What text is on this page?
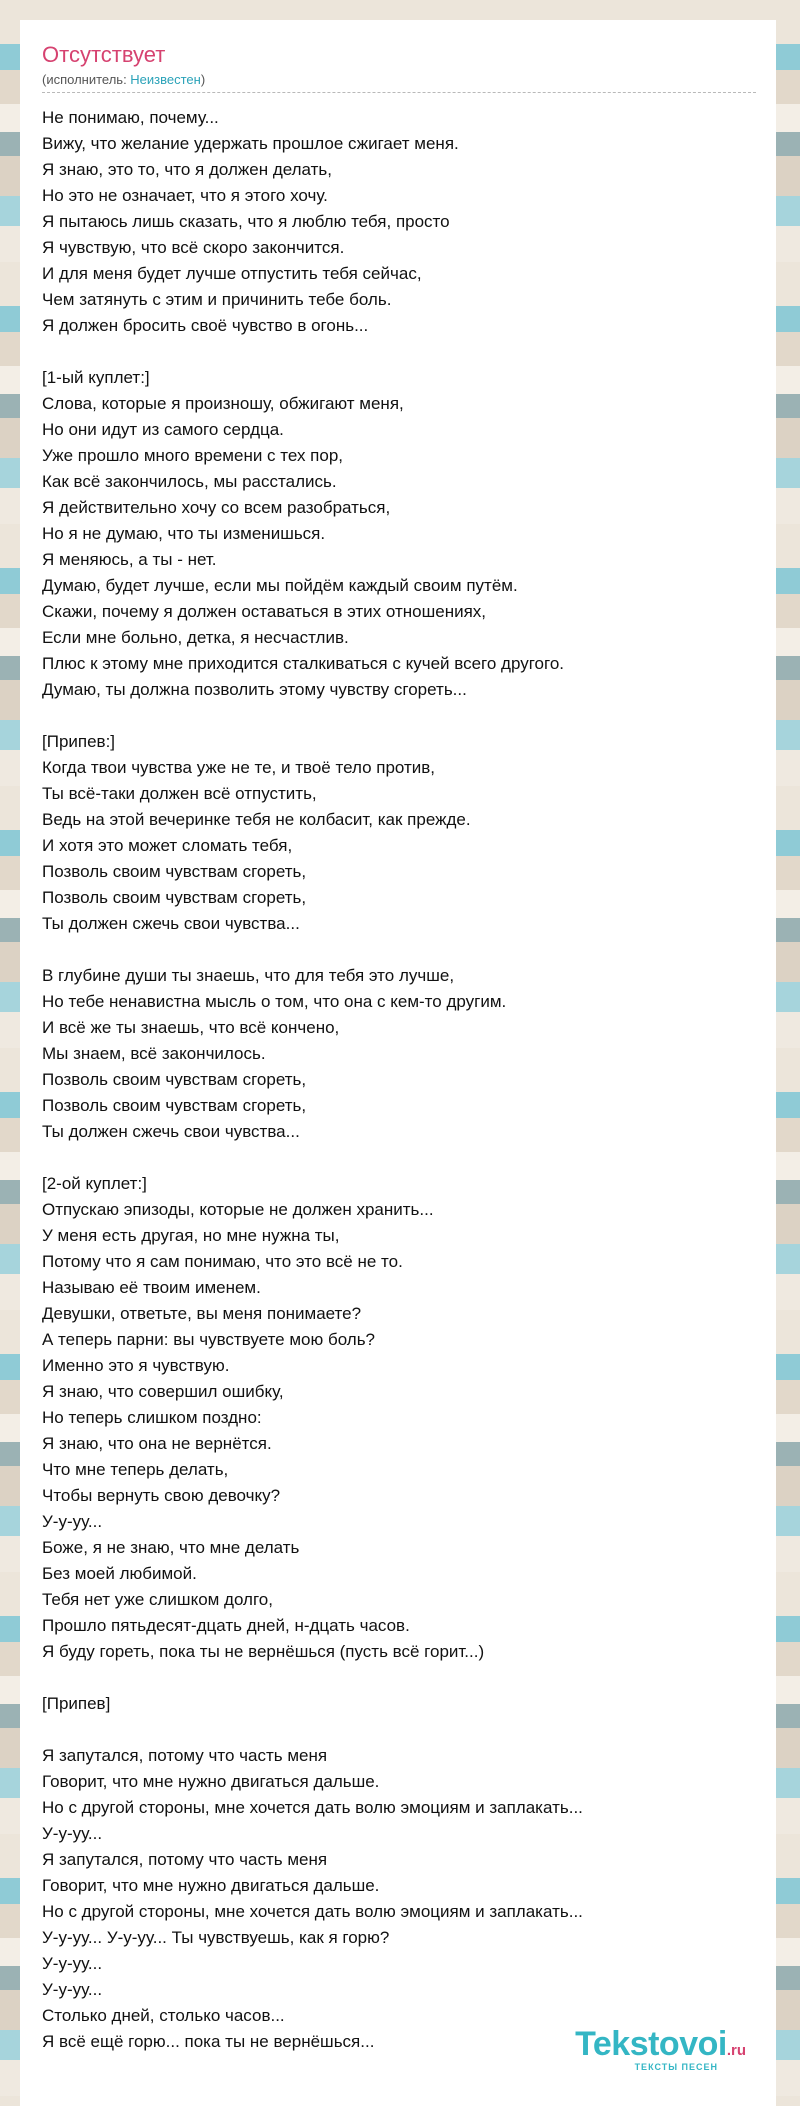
Отсутствует
(исполнитель: Неизвестен)
Не понимаю, почему...
Вижу, что желание удержать прошлое сжигает меня.
Я знаю, это то, что я должен делать,
Но это не означает, что я этого хочу.
Я пытаюсь лишь сказать, что я люблю тебя, просто
Я чувствую, что всё скоро закончится.
И для меня будет лучше отпустить тебя сейчас,
Чем затянуть с этим и причинить тебе боль.
Я должен бросить своё чувство в огонь...
[1-ый куплет:]
Слова, которые я произношу, обжигают меня,
Но они идут из самого сердца.
Уже прошло много времени с тех пор,
Как всё закончилось, мы расстались.
Я действительно хочу со всем разобраться,
Но я не думаю, что ты изменишься.
Я меняюсь, а ты - нет.
Думаю, будет лучше, если мы пойдём каждый своим путём.
Скажи, почему я должен оставаться в этих отношениях,
Если мне больно, детка, я несчастлив.
Плюс к этому мне приходится сталкиваться с кучей всего другого.
Думаю, ты должна позволить этому чувству сгореть...
[Припев:]
Когда твои чувства уже не те, и твоё тело против,
Ты всё-таки должен всё отпустить,
Ведь на этой вечеринке тебя не колбасит, как прежде.
И хотя это может сломать тебя,
Позволь своим чувствам сгореть,
Позволь своим чувствам сгореть,
Ты должен сжечь свои чувства...
В глубине души ты знаешь, что для тебя это лучше,
Но тебе ненавистна мысль о том, что она с кем-то другим.
И всё же ты знаешь, что всё кончено,
Мы знаем, всё закончилось.
Позволь своим чувствам сгореть,
Позволь своим чувствам сгореть,
Ты должен сжечь свои чувства...
[2-ой куплет:]
Отпускаю эпизоды, которые не должен хранить...
У меня есть другая, но мне нужна ты,
Потому что я сам понимаю, что это всё не то.
Называю её твоим именем.
Девушки, ответьте, вы меня понимаете?
А теперь парни: вы чувствуете мою боль?
Именно это я чувствую.
Я знаю, что совершил ошибку,
Но теперь слишком поздно:
Я знаю, что она не вернётся.
Что мне теперь делать,
Чтобы вернуть свою девочку?
У-у-уу...
Боже, я не знаю, что мне делать
Без моей любимой.
Тебя нет уже слишком долго,
Прошло пятьдесят-дцать дней, н-дцать часов.
Я буду гореть, пока ты не вернёшься (пусть всё горит...)
[Припев]
Я запутался, потому что часть меня
Говорит, что мне нужно двигаться дальше.
Но с другой стороны, мне хочется дать волю эмоциям и заплакать...
У-у-уу...
Я запутался, потому что часть меня
Говорит, что мне нужно двигаться дальше.
Но с другой стороны, мне хочется дать волю эмоциям и заплакать...
У-у-уу... У-у-уу... Ты чувствуешь, как я горю?
У-у-уу...
У-у-уу...
Столько дней, столько часов...
Я всё ещё горю... пока ты не вернёшься...	Tekstovoi.ru
ТЕКСТЫ ПЕСЕН
